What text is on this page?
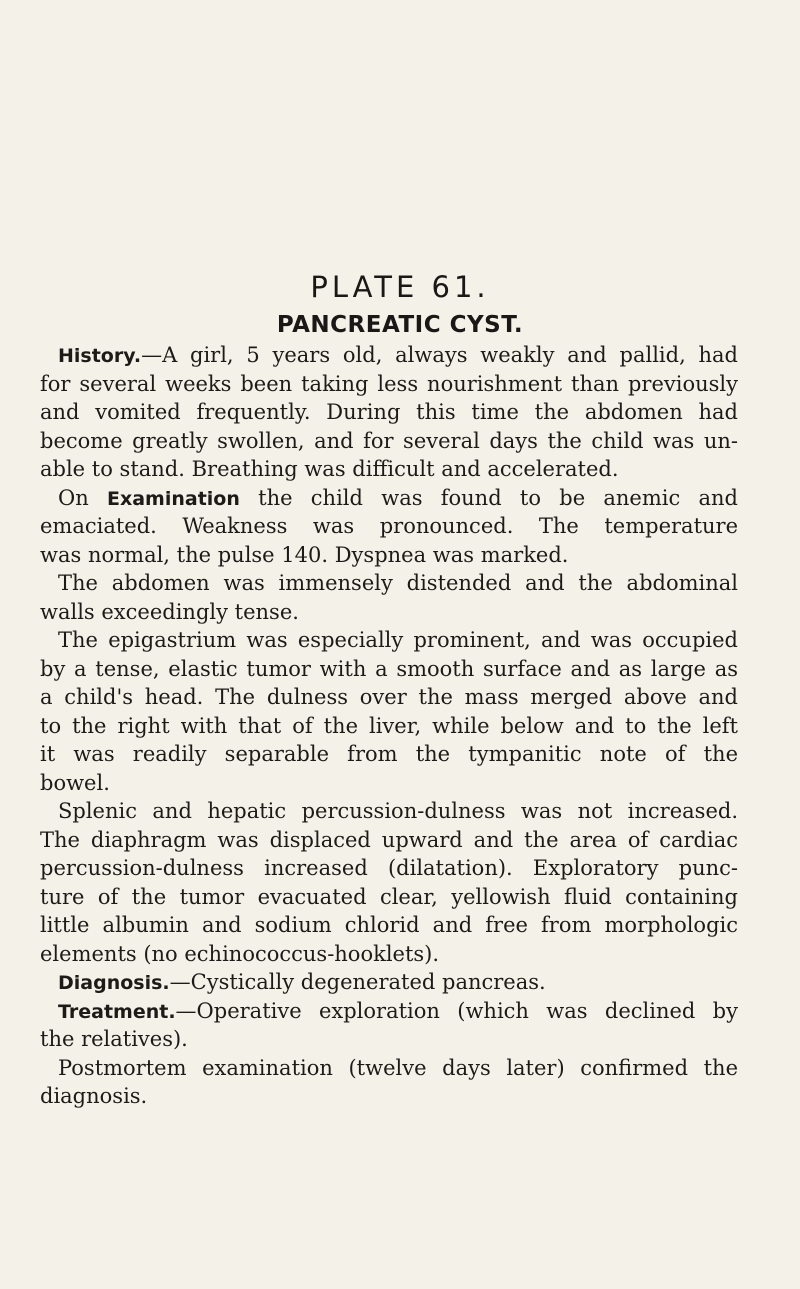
PLATE 61.
PANCREATIC CYST.
History.—A girl, 5 years old, always weakly and pallid, had
for several weeks been taking less nourishment than previously
and vomited frequently. During this time the abdomen had
become greatly swollen, and for several days the child was un-
able to stand. Breathing was difficult and accelerated.
On Examination the child was found to be anemic and
emaciated. Weakness was pronounced. The temperature
was normal, the pulse 140. Dyspnea was marked.
The abdomen was immensely distended and the abdominal
walls exceedingly tense.
The epigastrium was especially prominent, and was occupied
by a tense, elastic tumor with a smooth surface and as large as
a child's head. The dulness over the mass merged above and
to the right with that of the liver, while below and to the left
it was readily separable from the tympanitic note of the
bowel.
Splenic and hepatic percussion-dulness was not increased.
The diaphragm was displaced upward and the area of cardiac
percussion-dulness increased (dilatation). Exploratory punc-
ture of the tumor evacuated clear, yellowish fluid containing
little albumin and sodium chlorid and free from morphologic
elements (no echinococcus-hooklets).
Diagnosis.—Cystically degenerated pancreas.
Treatment.—Operative exploration (which was declined by
the relatives).
Postmortem examination (twelve days later) confirmed the
diagnosis.
